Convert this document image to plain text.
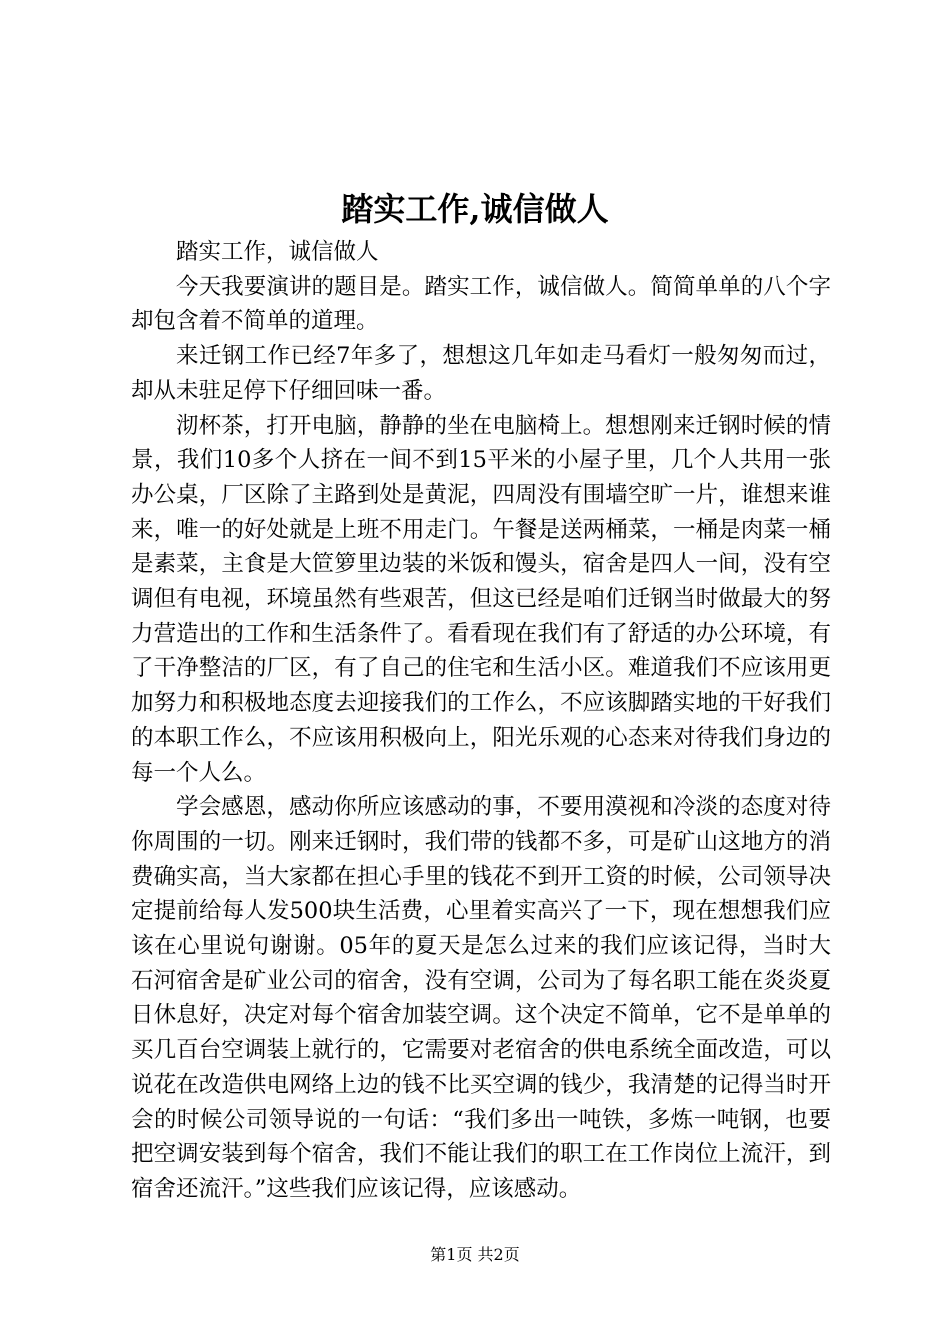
踏实工作,诚信做人

踏实工作，诚信做人

今天我要演讲的题目是。踏实工作，诚信做人。简简单单的八个字却包含着不简单的道理。

来迁钢工作已经7年多了，想想这几年如走马看灯一般匆匆而过，却从未驻足停下仔细回味一番。

沏杯茶，打开电脑，静静的坐在电脑椅上。想想刚来迁钢时候的情景，我们10多个人挤在一间不到15平米的小屋子里，几个人共用一张办公桌，厂区除了主路到处是黄泥，四周没有围墙空旷一片，谁想来谁来，唯一的好处就是上班不用走门。午餐是送两桶菜，一桶是肉菜一桶是素菜，主食是大笸箩里边装的米饭和馒头，宿舍是四人一间，没有空调但有电视，环境虽然有些艰苦，但这已经是咱们迁钢当时做最大的努力营造出的工作和生活条件了。看看现在我们有了舒适的办公环境，有了干净整洁的厂区，有了自己的住宅和生活小区。难道我们不应该用更加努力和积极地态度去迎接我们的工作么，不应该脚踏实地的干好我们的本职工作么，不应该用积极向上，阳光乐观的心态来对待我们身边的每一个人么。

学会感恩，感动你所应该感动的事，不要用漠视和冷淡的态度对待你周围的一切。刚来迁钢时，我们带的钱都不多，可是矿山这地方的消费确实高，当大家都在担心手里的钱花不到开工资的时候，公司领导决定提前给每人发500块生活费，心里着实高兴了一下，现在想想我们应该在心里说句谢谢。05年的夏天是怎么过来的我们应该记得，当时大石河宿舍是矿业公司的宿舍，没有空调，公司为了每名职工能在炎炎夏日休息好，决定对每个宿舍加装空调。这个决定不简单，它不是单单的买几百台空调装上就行的，它需要对老宿舍的供电系统全面改造，可以说花在改造供电网络上边的钱不比买空调的钱少，我清楚的记得当时开会的时候公司领导说的一句话：“我们多出一吨铁，多炼一吨钢，也要把空调安装到每个宿舍，我们不能让我们的职工在工作岗位上流汗，到宿舍还流汗。”这些我们应该记得，应该感动。

第1页 共2页
